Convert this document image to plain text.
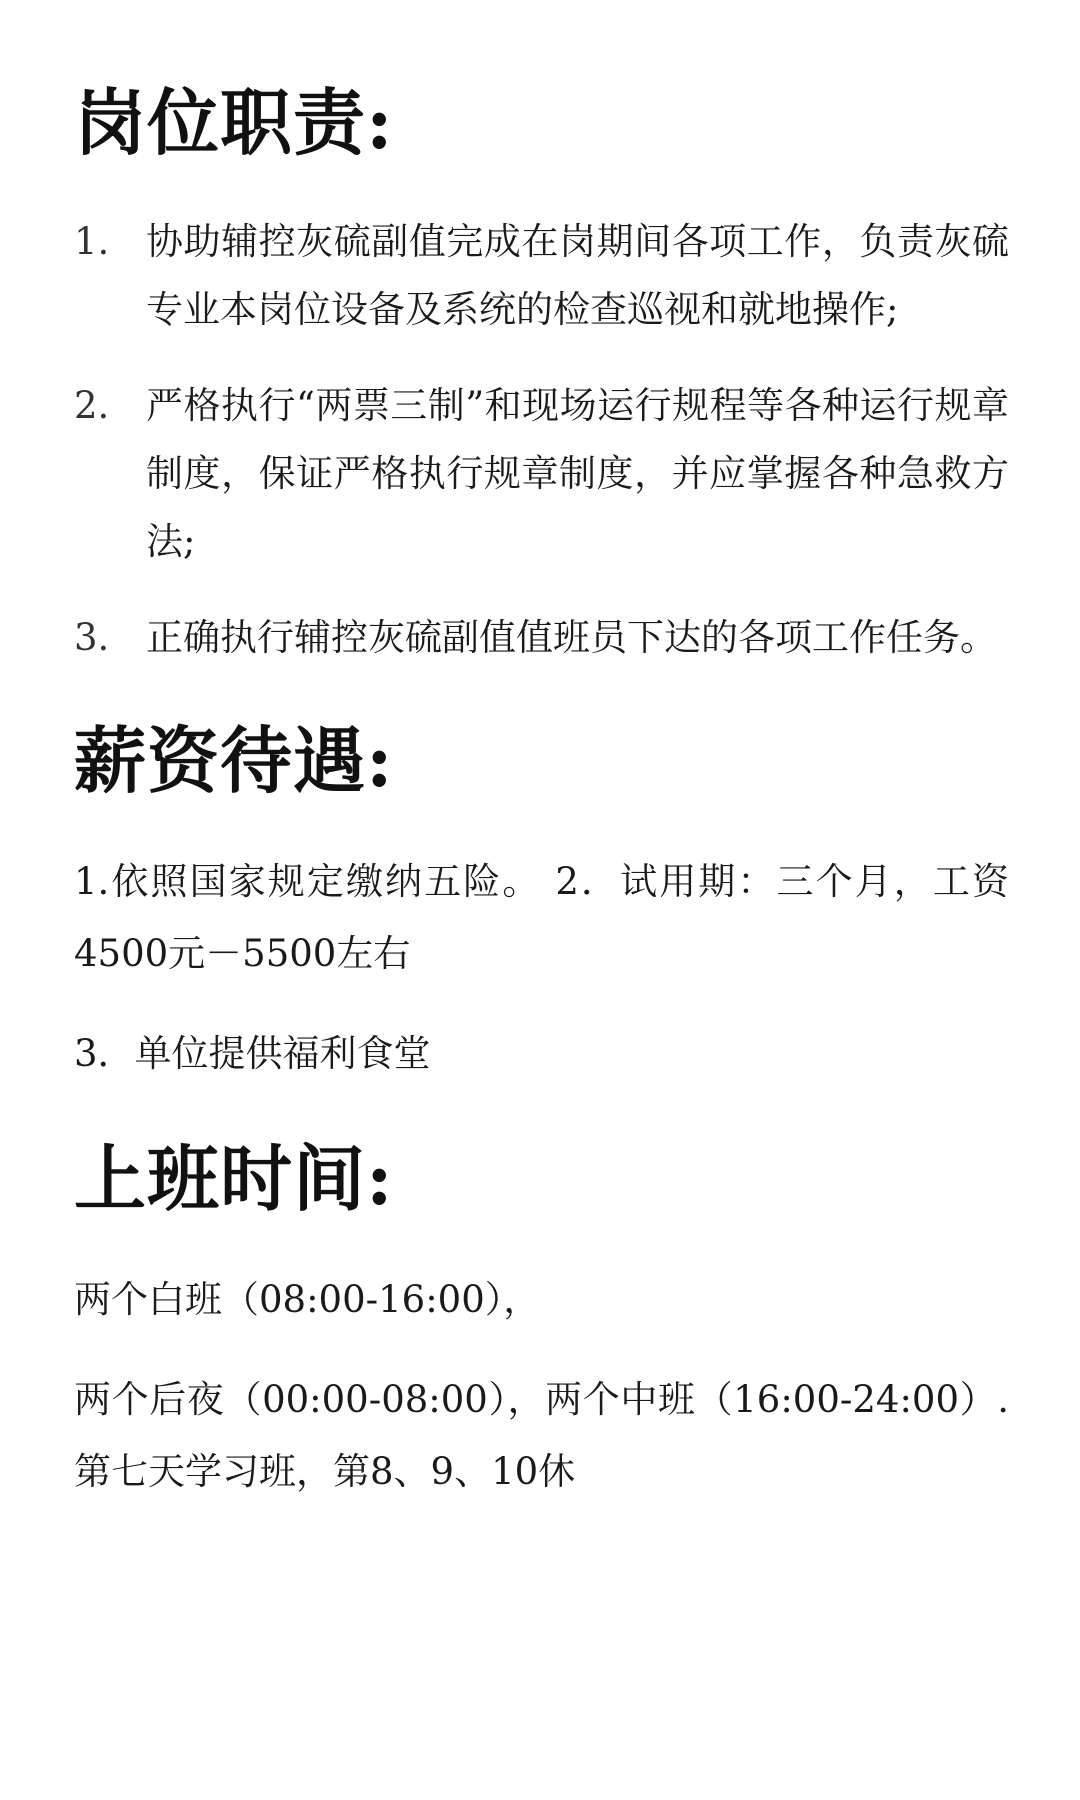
岗位职责:
1. 协助辅控灰硫副值完成在岗期间各项工作，负责灰硫专业本岗位设备及系统的检查巡视和就地操作;
2. 严格执行“两票三制”和现场运行规程等各种运行规章制度，保证严格执行规章制度，并应掌握各种急救方法;
3. 正确执行辅控灰硫副值值班员下达的各项工作任务。
薪资待遇:

1.依照国家规定缴纳五险。 2．试用期：三个月，工资4500元－5500左右

3．单位提供福利食堂

上班时间:

两个白班（08:00-16:00），

两个后夜（00:00-08:00），两个中班（16:00-24:00）.第七天学习班，第8、9、10休
